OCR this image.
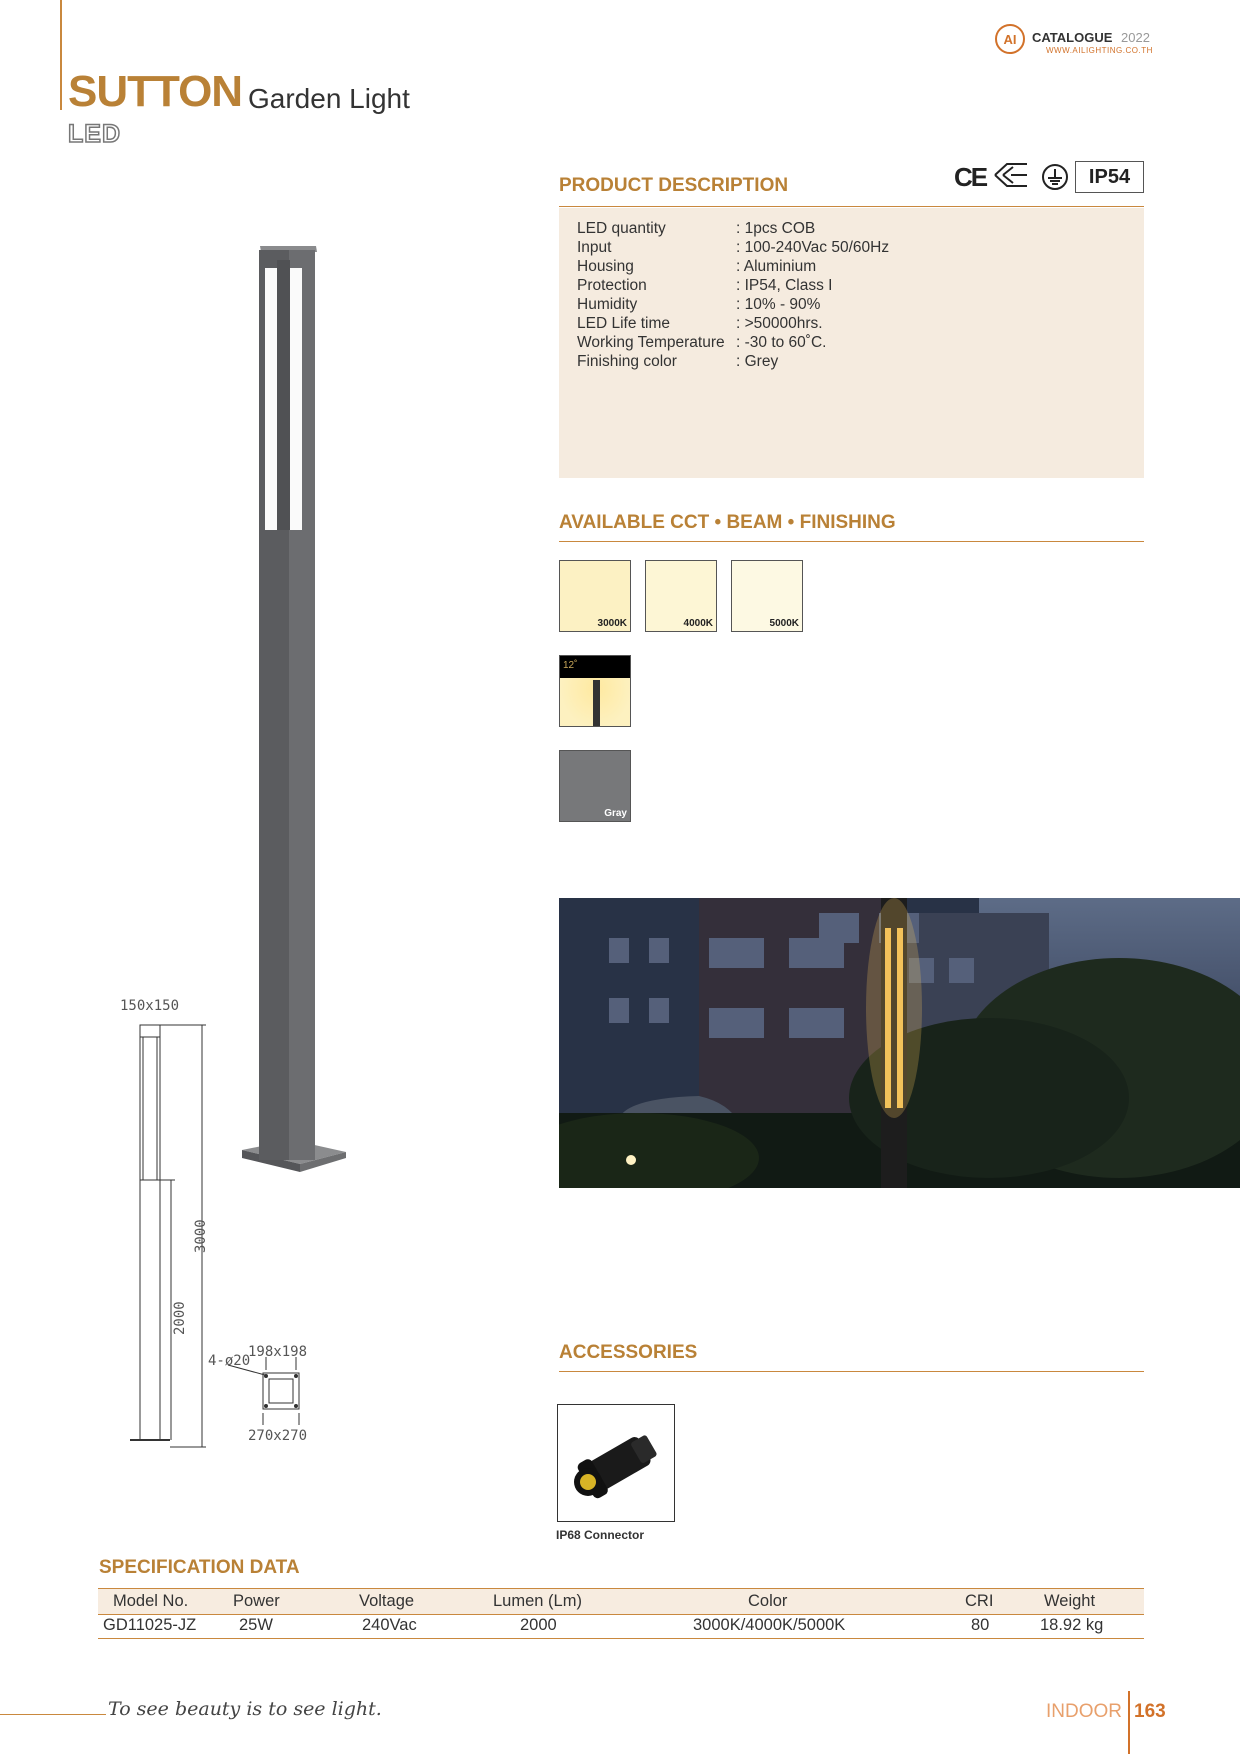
AI CATALOGUE 2022
WWW.AILIGHTING.CO.TH
SUTTON Garden Light
LED
150x150
198x198
4-ø20
270x270
3000
2000
CE	IP54
PRODUCT DESCRIPTION
LED quantity	: 1pcs COB
Input	: 100-240Vac 50/60Hz
Housing	: Aluminium
Protection	: IP54, Class I
Humidity	: 10% - 90%
LED Life time	: >50000hrs.
Working Temperature : -30 to 60˚C.
Finishing color	: Grey
AVAILABLE CCT • BEAM • FINISHING
3000K	4000K	5000K
12˚
Gray
ACCESSORIES
IP68 Connector
SPECIFICATION DATA
Model No.	Power	Voltage	Lumen (Lm)	Color	CRI	Weight
GD11025-JZ	25W	240Vac	2000	3000K/4000K/5000K	80	18.92 kg
To see beauty is to see light.	INDOOR 163
